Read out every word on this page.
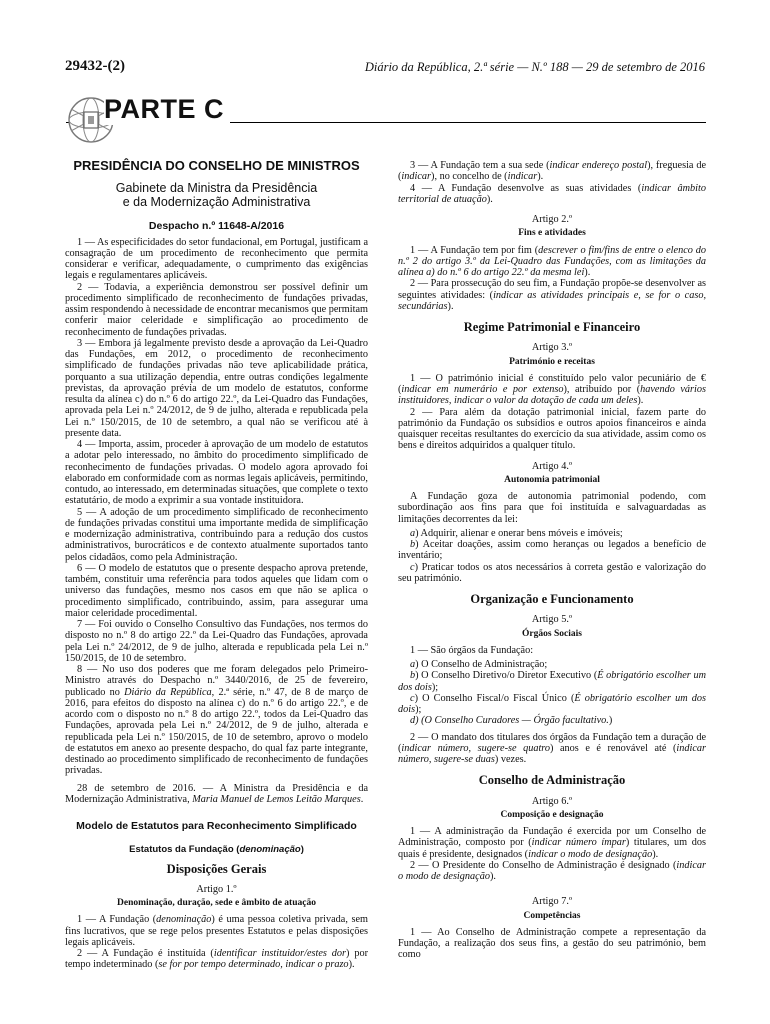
29432-(2)	Diário da República, 2.ª série — N.º 188 — 29 de setembro de 2016
PARTE C
PRESIDÊNCIA DO CONSELHO DE MINISTROS
Gabinete da Ministra da Presidência
e da Modernização Administrativa
Despacho n.º 11648-A/2016

1 — As especificidades do setor fundacional, em Portugal, justificam a consagração de um procedimento de reconhecimento que permita considerar e verificar, adequadamente, o cumprimento das exigências legais e regulamentares aplicáveis.

2 — Todavia, a experiência demonstrou ser possível definir um procedimento simplificado de reconhecimento de fundações privadas, assim respondendo à necessidade de encontrar mecanismos que permitam conferir maior celeridade e simplificação ao procedimento de reconhecimento de fundações privadas.

3 — Embora já legalmente previsto desde a aprovação da Lei-Quadro das Fundações, em 2012, o procedimento de reconhecimento simplificado de fundações privadas não teve aplicabilidade prática, porquanto a sua utilização dependia, entre outras condições legalmente previstas, da aprovação prévia de um modelo de estatutos, conforme resulta da alínea c) do n.º 6 do artigo 22.º, da Lei-Quadro das Fundações, aprovada pela Lei n.º 24/2012, de 9 de julho, alterada e republicada pela Lei n.º 150/2015, de 10 de setembro, a qual não se verificou até à presente data.

4 — Importa, assim, proceder à aprovação de um modelo de estatutos a adotar pelo interessado, no âmbito do procedimento simplificado de reconhecimento de fundações privadas. O modelo agora aprovado foi elaborado em conformidade com as normas legais aplicáveis, permitindo, contudo, ao interessado, em determinadas situações, que complete o texto estatutário, de modo a exprimir a sua vontade instituidora.

5 — A adoção de um procedimento simplificado de reconhecimento de fundações privadas constitui uma importante medida de simplificação e modernização administrativa, contribuindo para a redução dos custos administrativos, burocráticos e de contexto atualmente suportados tanto pelos cidadãos, como pela Administração.

6 — O modelo de estatutos que o presente despacho aprova pretende, também, constituir uma referência para todos aqueles que lidam com o universo das fundações, mesmo nos casos em que não se aplica o procedimento simplificado, contribuindo, assim, para assegurar uma maior celeridade procedimental.

7 — Foi ouvido o Conselho Consultivo das Fundações, nos termos do disposto no n.º 8 do artigo 22.º da Lei-Quadro das Fundações, aprovada pela Lei n.º 24/2012, de 9 de julho, alterada e republicada pela Lei n.º 150/2015, de 10 de setembro.

8 — No uso dos poderes que me foram delegados pelo Primeiro-Ministro através do Despacho n.º 3440/2016, de 25 de fevereiro, publicado no Diário da República, 2.ª série, n.º 47, de 8 de março de 2016, para efeitos do disposto na alínea c) do n.º 6 do artigo 22.º, e de acordo com o disposto no n.º 8 do artigo 22.º, todos da Lei-Quadro das Fundações, aprovada pela Lei n.º 24/2012, de 9 de julho, alterada e republicada pela Lei n.º 150/2015, de 10 de setembro, aprovo o modelo de estatutos em anexo ao presente despacho, do qual faz parte integrante, destinado ao procedimento simplificado de reconhecimento de fundações privadas.

28 de setembro de 2016. — A Ministra da Presidência e da Modernização Administrativa, Maria Manuel de Lemos Leitão Marques.

Modelo de Estatutos para Reconhecimento Simplificado
Estatutos da Fundação (denominação)
Disposições Gerais
Artigo 1.º
Denominação, duração, sede e âmbito de atuação

1 — A Fundação (denominação) é uma pessoa coletiva privada, sem fins lucrativos, que se rege pelos presentes Estatutos e pelas disposições legais aplicáveis.

2 — A Fundação é instituída (identificar instituidor/estes dor) por tempo indeterminado (se for por tempo determinado, indicar o prazo).

3 — A Fundação tem a sua sede (indicar endereço postal), freguesia de (indicar), no concelho de (indicar).

4 — A Fundação desenvolve as suas atividades (indicar âmbito territorial de atuação).

Artigo 2.º
Fins e atividades

1 — A Fundação tem por fim (descrever o fim/fins de entre o elenco do n.º 2 do artigo 3.º da Lei-Quadro das Fundações, com as limitações da alínea a) do n.º 6 do artigo 22.º da mesma lei).

2 — Para prossecução do seu fim, a Fundação propõe-se desenvolver as seguintes atividades: (indicar as atividades principais e, se for o caso, secundárias).

Regime Patrimonial e Financeiro
Artigo 3.º
Património e receitas

1 — O património inicial é constituído pelo valor pecuniário de € (indicar em numerário e por extenso), atribuído por (havendo vários instituidores, indicar o valor da dotação de cada um deles).

2 — Para além da dotação patrimonial inicial, fazem parte do património da Fundação os subsídios e outros apoios financeiros e ainda quaisquer receitas resultantes do exercício da sua atividade, assim como os bens e direitos adquiridos a qualquer título.

Artigo 4.º
Autonomia patrimonial

A Fundação goza de autonomia patrimonial podendo, com subordinação aos fins para que foi instituída e salvaguardadas as limitações decorrentes da lei:

a) Adquirir, alienar e onerar bens móveis e imóveis;

b) Aceitar doações, assim como heranças ou legados a benefício de inventário;

c) Praticar todos os atos necessários à correta gestão e valorização do seu património.

Organização e Funcionamento
Artigo 5.º
Órgãos Sociais

1 — São órgãos da Fundação:

a) O Conselho de Administração;

b) O Conselho Diretivo/o Diretor Executivo (É obrigatório escolher um dos dois);

c) O Conselho Fiscal/o Fiscal Único (É obrigatório escolher um dos dois);

d) (O Conselho Curadores — Órgão facultativo.)

2 — O mandato dos titulares dos órgãos da Fundação tem a duração de (indicar número, sugere-se quatro) anos e é renovável até (indicar número, sugere-se duas) vezes.

Conselho de Administração
Artigo 6.º
Composição e designação

1 — A administração da Fundação é exercida por um Conselho de Administração, composto por (indicar número ímpar) titulares, um dos quais é presidente, designados (indicar o modo de designação).

2 — O Presidente do Conselho de Administração é designado (indicar o modo de designação).

Artigo 7.º
Competências

1 — Ao Conselho de Administração compete a representação da Fundação, a realização dos seus fins, a gestão do seu património, bem como
